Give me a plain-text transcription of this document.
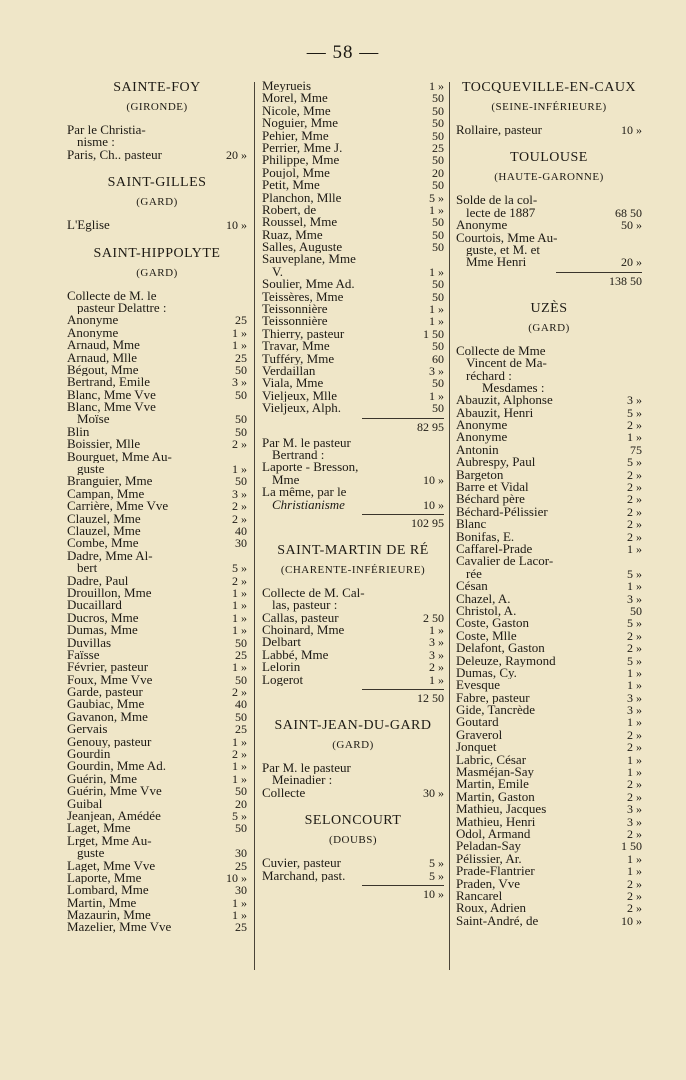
— 58 —
SAINTE-FOY
(GIRONDE)
Par le Christia-
nisme :
Paris, Ch.. pasteur	20 »
SAINT-GILLES
(GARD)
L'Eglise	10 »
SAINT-HIPPOLYTE
(GARD)
Collecte de M. le
pasteur Delattre :
Anonyme	25
Anonyme	1 »
Arnaud, Mme	1 »
Arnaud, Mlle	25
Bégout, Mme	50
Bertrand, Emile	3 »
Blanc, Mme Vve	50
Blanc, Mme Vve
Moïse	50
Blin	50
Boissier, Mlle	2 »
Bourguet, Mme Au-
guste	1 »
Branguier, Mme	50
Campan, Mme	3 »
Carrière, Mme Vve	2 »
Clauzel, Mme	2 »
Clauzel, Mme	40
Combe, Mme	30
Dadre, Mme Al-
bert	5 »
Dadre, Paul	2 »
Drouillon, Mme	1 »
Ducaillard	1 »
Ducros, Mme	1 »
Dumas, Mme	1 »
Duvillas	50
Faïsse	25
Février, pasteur	1 »
Foux, Mme Vve	50
Garde, pasteur	2 »
Gaubiac, Mme	40
Gavanon, Mme	50
Gervais	25
Genouy, pasteur	1 »
Gourdin	2 »
Gourdin, Mme Ad.	1 »
Guérin, Mme	1 »
Guérin, Mme Vve	50
Guibal	20
Jeanjean, Amédée	5 »
Laget, Mme	50
Lrget, Mme Au-
guste	30
Laget, Mme Vve	25
Laporte, Mme	10 »
Lombard, Mme	30
Martin, Mme	1 »
Mazaurin, Mme	1 »
Mazelier, Mme Vve	25
Meyrueis	1 »
Morel, Mme	50
Nicole, Mme	50
Noguier, Mme	50
Pehier, Mme	50
Perrier, Mme J.	25
Philippe, Mme	50
Poujol, Mme	20
Petit, Mme	50
Planchon, Mlle	5 »
Robert, de	1 »
Roussel, Mme	50
Ruaz, Mme	50
Salles, Auguste	50
Sauveplane, Mme
V.	1 »
Soulier, Mme Ad.	50
Teissères, Mme	50
Teissonnière	1 »
Teissonnière	1 »
Thierry, pasteur	1 50
Travar, Mme	50
Tufféry, Mme	60
Verdaillan	3 »
Viala, Mme	50
Vieljeux, Mlle	1 »
Vieljeux, Alph.	50
82 95
Par M. le pasteur
Bertrand :
Laporte - Bresson,
Mme	10 »
La même, par le
Christianisme	10 »
102 95
SAINT-MARTIN DE RÉ
(CHARENTE-INFÉRIEURE)
Collecte de M. Cal-
las, pasteur :
Callas, pasteur	2 50
Choinard, Mme	1 »
Delbart	3 »
Labbé, Mme	3 »
Lelorin	2 »
Logerot	1 »
12 50
SAINT-JEAN-DU-GARD
(GARD)
Par M. le pasteur
Meinadier :
Collecte	30 »
SELONCOURT
(DOUBS)
Cuvier, pasteur	5 »
Marchand, past.	5 »
10 »
TOCQUEVILLE-EN-CAUX
(SEINE-INFÉRIEURE)
Rollaire, pasteur	10 »
TOULOUSE
(HAUTE-GARONNE)
Solde de la col-
lecte de 1887	68 50
Anonyme	50 »
Courtois, Mme Au-
guste, et M. et
Mme Henri	20 »
138 50
UZÈS
(GARD)
Collecte de Mme
Vincent de Ma-
réchard :
Mesdames :
Abauzit, Alphonse	3 »
Abauzit, Henri	5 »
Anonyme	2 »
Anonyme	1 »
Antonin	75
Aubrespy, Paul	5 »
Bargeton	2 »
Barre et Vidal	2 »
Béchard père	2 »
Béchard-Pélissier	2 »
Blanc	2 »
Bonifas, E.	2 »
Caffarel-Prade	1 »
Cavalier de Lacor-
rée	5 »
Césan	1 »
Chazel, A.	3 »
Christol, A.	50
Coste, Gaston	5 »
Coste, Mlle	2 »
Delafont, Gaston	2 »
Deleuze, Raymond	5 »
Dumas, Cy.	1 »
Evesque	1 »
Fabre, pasteur	3 »
Gide, Tancrède	3 »
Goutard	1 »
Graverol	2 »
Jonquet	2 »
Labric, César	1 »
Masméjan-Say	1 »
Martin, Emile	2 »
Martin, Gaston	2 »
Mathieu, Jacques	3 »
Mathieu, Henri	3 »
Odol, Armand	2 »
Peladan-Say	1 50
Pélissier, Ar.	1 »
Prade-Flantrier	1 »
Praden, Vve	2 »
Rancarel	2 »
Roux, Adrien	2 »
Saint-André, de	10 »
